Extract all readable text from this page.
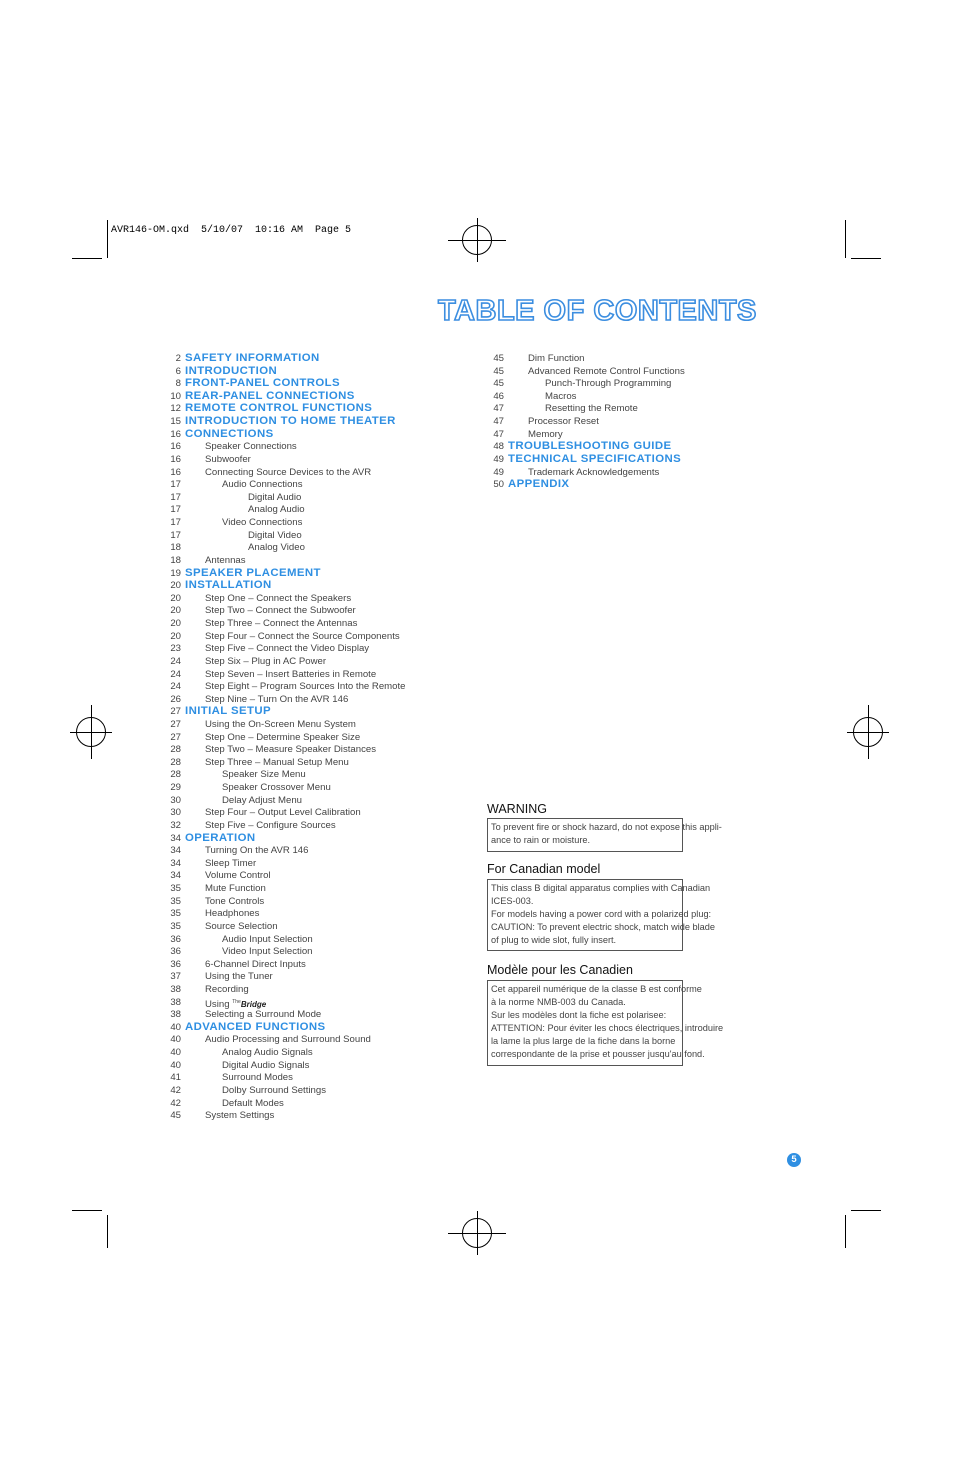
AVR146-OM.qxd  5/10/07  10:16 AM  Page 5
TABLE OF CONTENTS
2 SAFETY INFORMATION
6 INTRODUCTION
8 FRONT-PANEL CONTROLS
10 REAR-PANEL CONNECTIONS
12 REMOTE CONTROL FUNCTIONS
15 INTRODUCTION TO HOME THEATER
16 CONNECTIONS
16	Speaker Connections
16	Subwoofer
16	Connecting Source Devices to the AVR
17	Audio Connections
17	Digital Audio
17	Analog Audio
17	Video Connections
17	Digital Video
18	Analog Video
18	Antennas
19 SPEAKER PLACEMENT
20 INSTALLATION
20	Step One – Connect the Speakers
20	Step Two – Connect the Subwoofer
20	Step Three – Connect the Antennas
20	Step Four – Connect the Source Components
23	Step Five – Connect the Video Display
24	Step Six – Plug in AC Power
24	Step Seven – Insert Batteries in Remote
24	Step Eight – Program Sources Into the Remote
26	Step Nine – Turn On the AVR 146
27 INITIAL SETUP
27	Using the On-Screen Menu System
27	Step One – Determine Speaker Size
28	Step Two – Measure Speaker Distances
28	Step Three – Manual Setup Menu
28	Speaker Size Menu
29	Speaker Crossover Menu
30	Delay Adjust Menu
30	Step Four – Output Level Calibration
32	Step Five – Configure Sources
34 OPERATION
34	Turning On the AVR 146
34	Sleep Timer
34	Volume Control
35	Mute Function
35	Tone Controls
35	Headphones
35	Source Selection
36	Audio Input Selection
36	Video Input Selection
36	6-Channel Direct Inputs
37	Using the Tuner
38	Recording
38	Using $^{The}$Bridge
38	Selecting a Surround Mode
40 ADVANCED FUNCTIONS
40	Audio Processing and Surround Sound
40	Analog Audio Signals
40	Digital Audio Signals
41	Surround Modes
42	Dolby Surround Settings
42	Default Modes
45	System Settings
45	Dim Function
45	Advanced Remote Control Functions
45	Punch-Through Programming
46	Macros
47	Resetting the Remote
47	Processor Reset
47	Memory
48 TROUBLESHOOTING GUIDE
49 TECHNICAL SPECIFICATIONS
49	Trademark Acknowledgements
50 APPENDIX
WARNING
To prevent fire or shock hazard, do not expose this appli-
ance to rain or moisture.
For Canadian model
This class B digital apparatus complies with Canadian
ICES-003.
For models having a power cord with a polarized plug:
CAUTION: To prevent electric shock, match wide blade
of plug to wide slot, fully insert.
Modèle pour les Canadien
Cet appareil numérique de la classe B est conforme
à la norme NMB-003 du Canada.
Sur les modèles dont la fiche est polarisee:
ATTENTION: Pour éviter les chocs électriques, introduire
la lame la plus large de la fiche dans la borne
correspondante de la prise et pousser jusqu'au fond.
5
